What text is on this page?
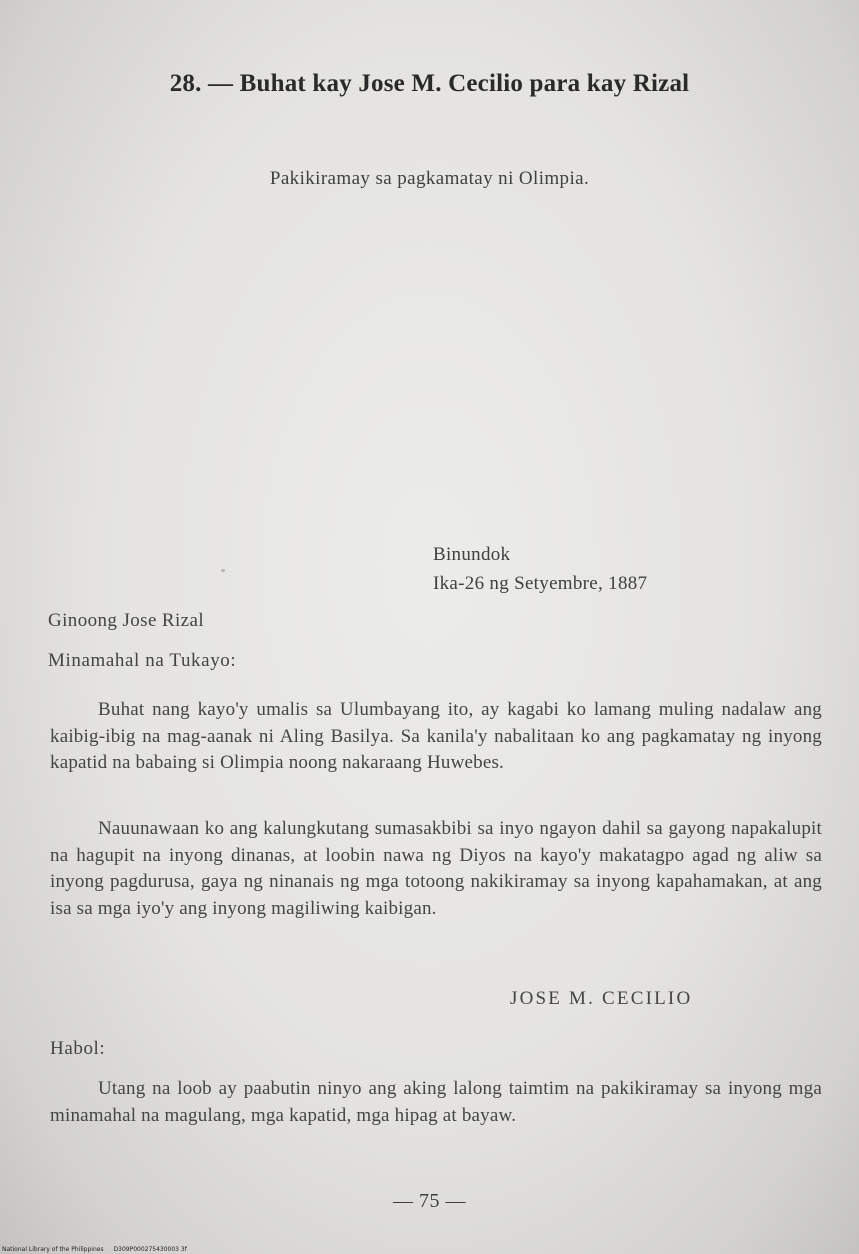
28. — Buhat kay Jose M. Cecilio para kay Rizal
Pakikiramay sa pagkamatay ni Olimpia.
Binundok
Ika-26 ng Setyembre, 1887
Ginoong Jose Rizal
Minamahal na Tukayo:
Buhat nang kayo'y umalis sa Ulumbayang ito, ay kagabi ko lamang muling nadalaw ang kaibig-ibig na mag-aanak ni Aling Basilya. Sa kanila'y nabalitaan ko ang pagkamatay ng inyong kapatid na babaing si Olimpia noong nakaraang Huwebes.
Nauunawaan ko ang kalungkutang sumasakbibi sa inyo ngayon dahil sa gayong napakalupit na hagupit na inyong dinanas, at loobin nawa ng Diyos na kayo'y makatagpo agad ng aliw sa inyong pagdurusa, gaya ng ninanais ng mga totoong nakikiramay sa inyong kapahamakan, at ang isa sa mga iyo'y ang inyong magiliwing kaibigan.
JOSE M. CECILIO
Habol:
Utang na loob ay paabutin ninyo ang aking lalong taimtim na pakikiramay sa inyong mga minamahal na magulang, mga kapatid, mga hipag at bayaw.
— 75 —
National Library of the Philippines D309P000275430003 3f
